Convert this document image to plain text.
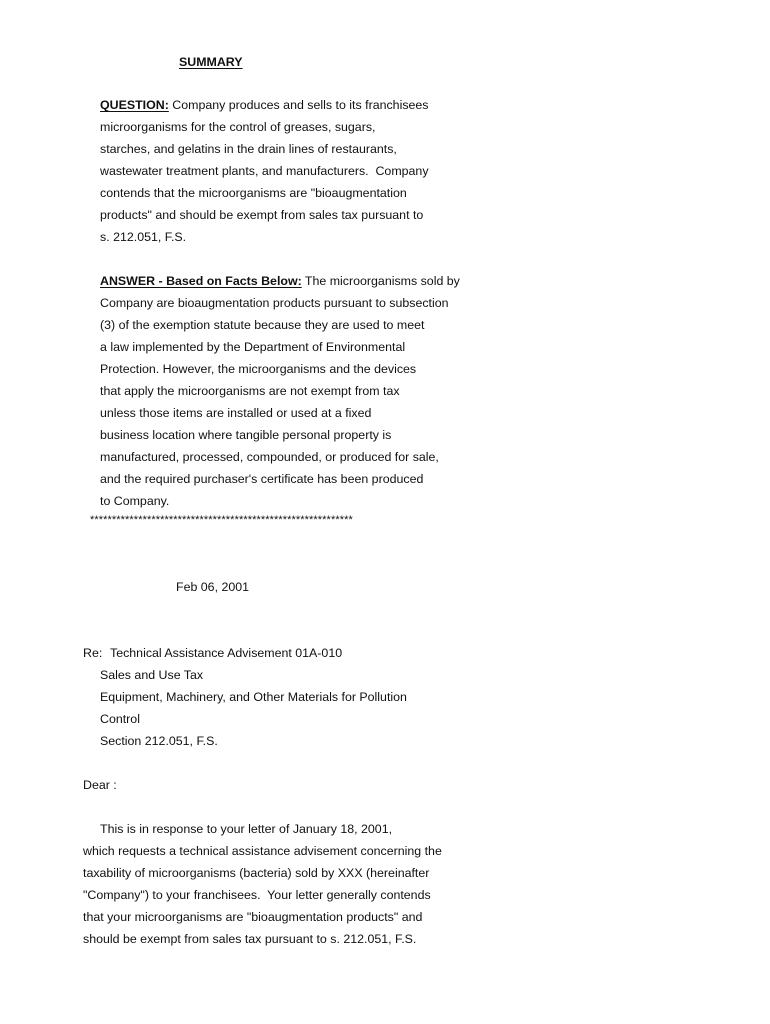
SUMMARY
QUESTION: Company produces and sells to its franchisees
microorganisms for the control of greases, sugars,
starches, and gelatins in the drain lines of restaurants,
wastewater treatment plants, and manufacturers.  Company
contends that the microorganisms are "bioaugmentation
products" and should be exempt from sales tax pursuant to
s. 212.051, F.S.
ANSWER - Based on Facts Below: The microorganisms sold by
Company are bioaugmentation products pursuant to subsection
(3) of the exemption statute because they are used to meet
a law implemented by the Department of Environmental
Protection. However, the microorganisms and the devices
that apply the microorganisms are not exempt from tax
unless those items are installed or used at a fixed
business location where tangible personal property is
manufactured, processed, compounded, or produced for sale,
and the required purchaser's certificate has been produced
to Company.
************************************************************
Feb 06, 2001
Re: Technical Assistance Advisement 01A-010
Sales and Use Tax
Equipment, Machinery, and Other Materials for Pollution
Control
Section 212.051, F.S.
Dear :
This is in response to your letter of January 18, 2001,
which requests a technical assistance advisement concerning the
taxability of microorganisms (bacteria) sold by XXX (hereinafter
"Company") to your franchisees.  Your letter generally contends
that your microorganisms are "bioaugmentation products" and
should be exempt from sales tax pursuant to s. 212.051, F.S.
